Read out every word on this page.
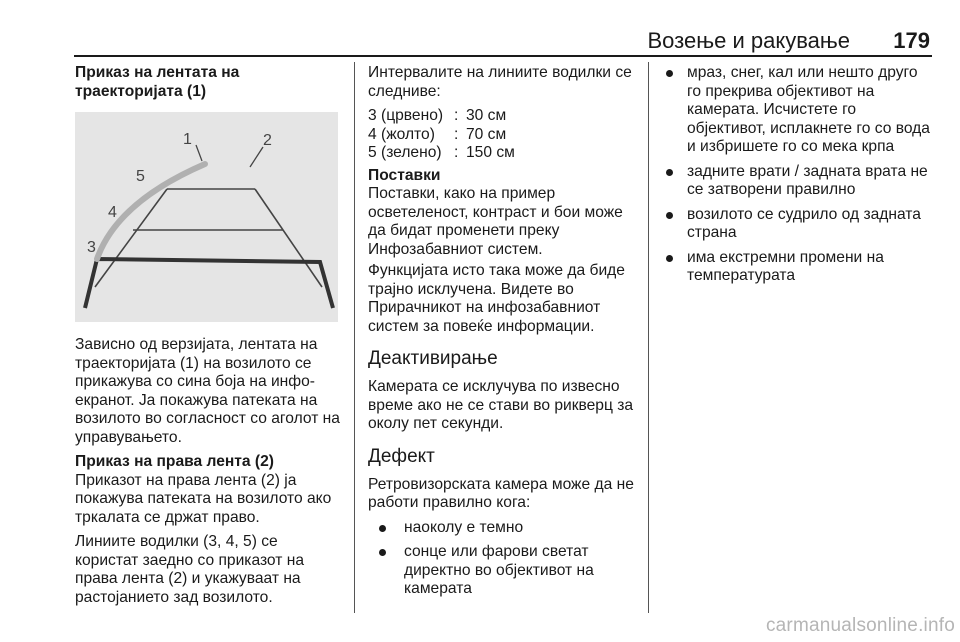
Возење и ракување	179
Приказ на лентата на
траекторијата (1)
1	2
3
4
5

Зависно од верзијата, лентата на траекторијата (1) на возилото се прикажува со сина боја на инфо-екранот. Ја покажува патеката на возилото во согласност со аголот на управувањето.

Приказ на права лента (2)

Приказот на права лента (2) ја покажува патеката на возилото ако тркалата се држат право.

Линиите водилки (3, 4, 5) се користат заедно со приказот на права лента (2) и укажуваат на растојанието зад возилото.

Интервалите на линиите водилки се следниве:

3 (црвено) : 30 см
4 (жолто)	: 70 см
5 (зелено) : 150 см
Поставки

Поставки, како на пример осветеленост, контраст и бои може да бидат променети преку Инфозабавниот систем.

Функцијата исто така може да биде трајно исклучена. Видете во Прирачникот на инфозабавниот систем за повеќе информации.

Деактивирање

Камерата се исклучува по извесно време ако не се стави во рикверц за околу пет секунди.

Дефект

Ретровизорската камера може да не работи правилно кога:

наоколу е темно
сонце или фарови светат директно во објективот на камерата
мраз, снег, кал или нешто друго го прекрива објективот на камерата. Исчистете го објективот, исплакнете го со вода и избришете го со мека крпа
задните врати / задната врата не се затворени правилно
возилото се судрило од задната страна
има екстремни промени на температурата
carmanualsonline.info
